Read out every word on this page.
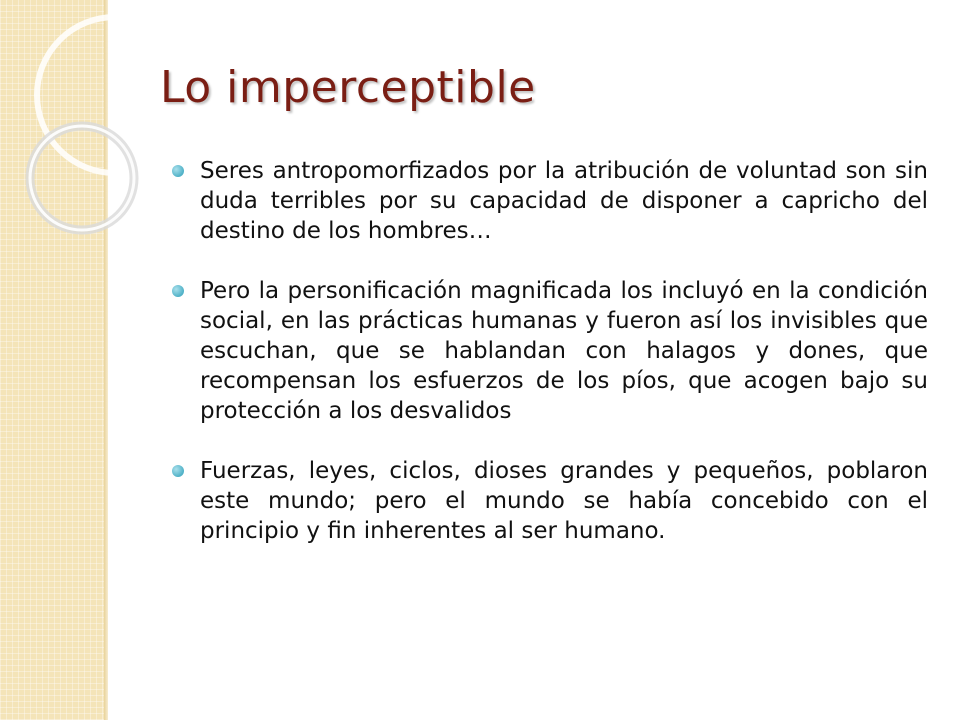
Lo imperceptible
Seres antropomorfizados por la atribución de voluntad son sin duda terribles por su capacidad de disponer a capricho del destino de los hombres…
Pero la personificación magnificada los incluyó en la condición social, en las prácticas humanas y fueron así los invisibles que escuchan, que se hablandan con halagos y dones, que recompensan los esfuerzos de los píos, que acogen bajo su protección a los desvalidos
Fuerzas, leyes, ciclos, dioses grandes y pequeños, poblaron este mundo; pero el mundo se había concebido con el principio y fin inherentes al ser humano.
